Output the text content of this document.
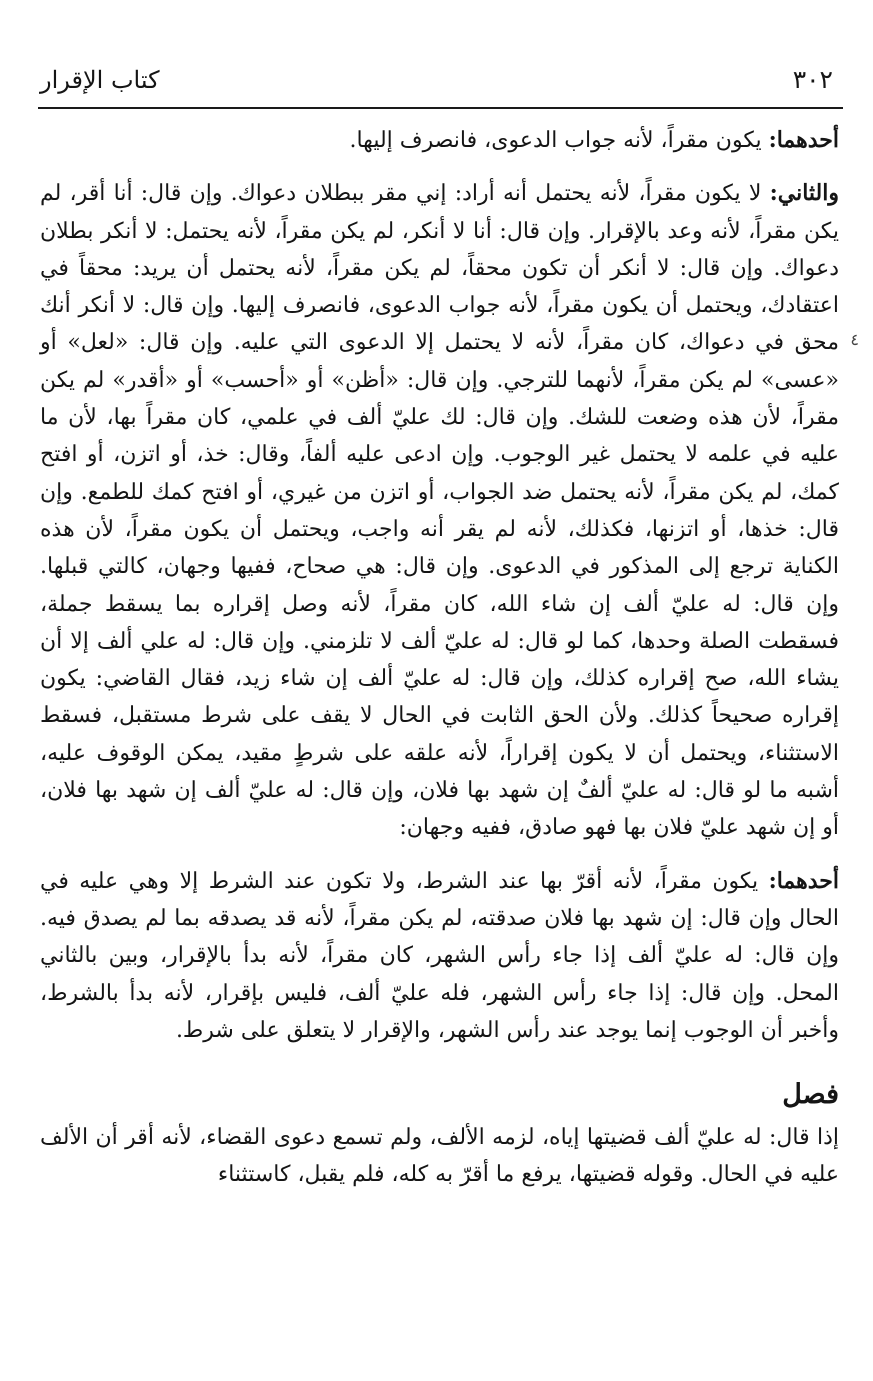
٣٠٢
كتاب الإقرار
٤

أحدهما: يكون مقراً، لأنه جواب الدعوى، فانصرف إليها.

والثاني: لا يكون مقراً، لأنه يحتمل أنه أراد: إني مقر ببطلان دعواك. وإن قال: أنا أقر، لم يكن مقراً، لأنه وعد بالإقرار. وإن قال: أنا لا أنكر، لم يكن مقراً، لأنه يحتمل: لا أنكر بطلان دعواك. وإن قال: لا أنكر أن تكون محقاً، لم يكن مقراً، لأنه يحتمل أن يريد: محقاً في اعتقادك، ويحتمل أن يكون مقراً، لأنه جواب الدعوى، فانصرف إليها. وإن قال: لا أنكر أنك محق في دعواك، كان مقراً، لأنه لا يحتمل إلا الدعوى التي عليه. وإن قال: «لعل» أو «عسى» لم يكن مقراً، لأنهما للترجي. وإن قال: «أظن» أو «أحسب» أو «أقدر» لم يكن مقراً، لأن هذه وضعت للشك. وإن قال: لك عليّ ألف في علمي، كان مقراً بها، لأن ما عليه في علمه لا يحتمل غير الوجوب. وإن ادعى عليه ألفاً، وقال: خذ، أو اتزن، أو افتح كمك، لم يكن مقراً، لأنه يحتمل ضد الجواب، أو اتزن من غيري، أو افتح كمك للطمع. وإن قال: خذها، أو اتزنها، فكذلك، لأنه لم يقر أنه واجب، ويحتمل أن يكون مقراً، لأن هذه الكناية ترجع إلى المذكور في الدعوى. وإن قال: هي صحاح، ففيها وجهان، كالتي قبلها. وإن قال: له عليّ ألف إن شاء الله، كان مقراً، لأنه وصل إقراره بما يسقط جملة، فسقطت الصلة وحدها، كما لو قال: له عليّ ألف لا تلزمني. وإن قال: له علي ألف إلا أن يشاء الله، صح إقراره كذلك، وإن قال: له عليّ ألف إن شاء زيد، فقال القاضي: يكون إقراره صحيحاً كذلك. ولأن الحق الثابت في الحال لا يقف على شرط مستقبل، فسقط الاستثناء، ويحتمل أن لا يكون إقراراً، لأنه علقه على شرطٍ مقيد، يمكن الوقوف عليه، أشبه ما لو قال: له عليّ ألفٌ إن شهد بها فلان، وإن قال: له عليّ ألف إن شهد بها فلان، أو إن شهد عليّ فلان بها فهو صادق، ففيه وجهان:

أحدهما: يكون مقراً، لأنه أقرّ بها عند الشرط، ولا تكون عند الشرط إلا وهي عليه في الحال وإن قال: إن شهد بها فلان صدقته، لم يكن مقراً، لأنه قد يصدقه بما لم يصدق فيه. وإن قال: له عليّ ألف إذا جاء رأس الشهر، كان مقراً، لأنه بدأ بالإقرار، وبين بالثاني المحل. وإن قال: إذا جاء رأس الشهر، فله عليّ ألف، فليس بإقرار، لأنه بدأ بالشرط، وأخبر أن الوجوب إنما يوجد عند رأس الشهر، والإقرار لا يتعلق على شرط.

فصل

إذا قال: له عليّ ألف قضيتها إياه، لزمه الألف، ولم تسمع دعوى القضاء، لأنه أقر أن الألف عليه في الحال. وقوله قضيتها، يرفع ما أقرّ به كله، فلم يقبل، كاستثناء
